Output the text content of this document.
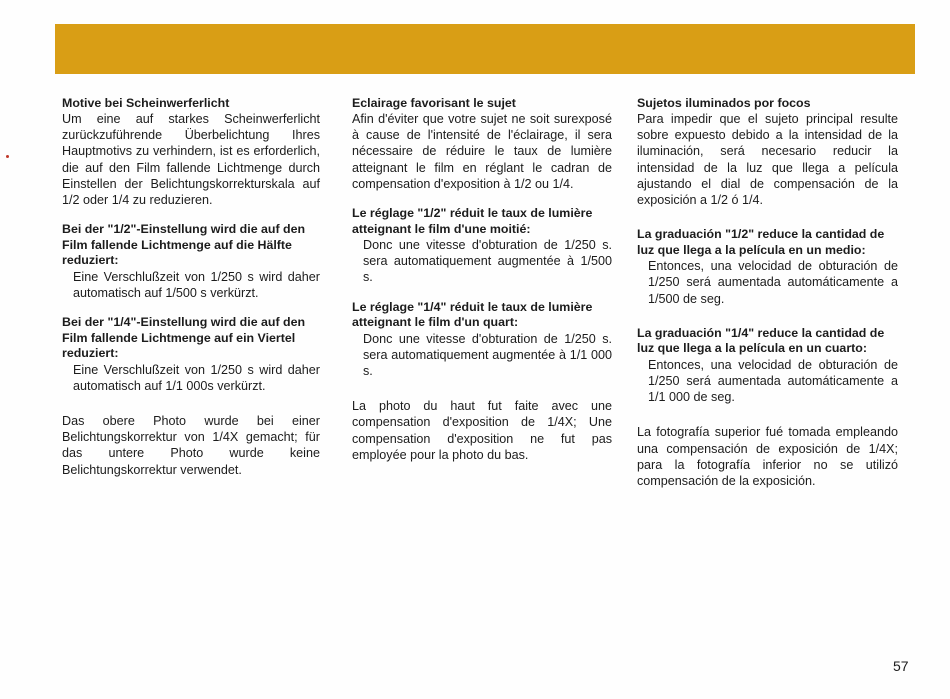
Motive bei Scheinwerferlicht

Um eine auf starkes Scheinwerferlicht zurückzuführende Überbelichtung Ihres Hauptmotivs zu verhindern, ist es erforderlich, die auf den Film fallende Lichtmenge durch Einstellen der Belichtungskorrekturskala auf 1/2 oder 1/4 zu reduzieren.

Bei der "1/2"-Einstellung wird die auf den Film fallende Lichtmenge auf die Hälfte reduziert:

Eine Verschlußzeit von 1/250 s wird daher automatisch auf 1/500 s verkürzt.

Bei der "1/4"-Einstellung wird die auf den Film fallende Lichtmenge auf ein Viertel reduziert:

Eine Verschlußzeit von 1/250 s wird daher automatisch auf 1/1 000s verkürzt.

Das obere Photo wurde bei einer Belichtungskorrektur von 1/4X gemacht; für das untere Photo wurde keine Belichtungskorrektur verwendet.

Eclairage favorisant le sujet

Afin d'éviter que votre sujet ne soit surexposé à cause de l'intensité de l'éclairage, il sera nécessaire de réduire le taux de lumière atteignant le film en réglant le cadran de compensation d'exposition à 1/2 ou 1/4.

Le réglage "1/2" réduit le taux de lumière atteignant le film d'une moitié:

Donc une vitesse d'obturation de 1/250 s. sera automatiquement augmentée à 1/500 s.

Le réglage "1/4" réduit le taux de lumière atteignant le film d'un quart:

Donc une vitesse d'obturation de 1/250 s. sera automatiquement augmentée à 1/1 000 s.

La photo du haut fut faite avec une compensation d'exposition de 1/4X; Une compensation d'exposition ne fut pas employée pour la photo du bas.

Sujetos iluminados por focos

Para impedir que el sujeto principal resulte sobre expuesto debido a la intensidad de la iluminación, será necesario reducir la intensidad de la luz que llega a película ajustando el dial de compensación de la exposición a 1/2 ó 1/4.

La graduación "1/2" reduce la cantidad de luz que llega a la película en un medio:

Entonces, una velocidad de obturación de 1/250 será aumentada automáticamente a 1/500 de seg.

La graduación "1/4" reduce la cantidad de luz que llega a la película en un cuarto:

Entonces, una velocidad de obturación de 1/250 será aumentada automáticamente a 1/1 000 de seg.

La fotografía superior fué tomada empleando una compensación de exposición de 1/4X; para la fotografía inferior no se utilizó compensación de la exposición.

57
